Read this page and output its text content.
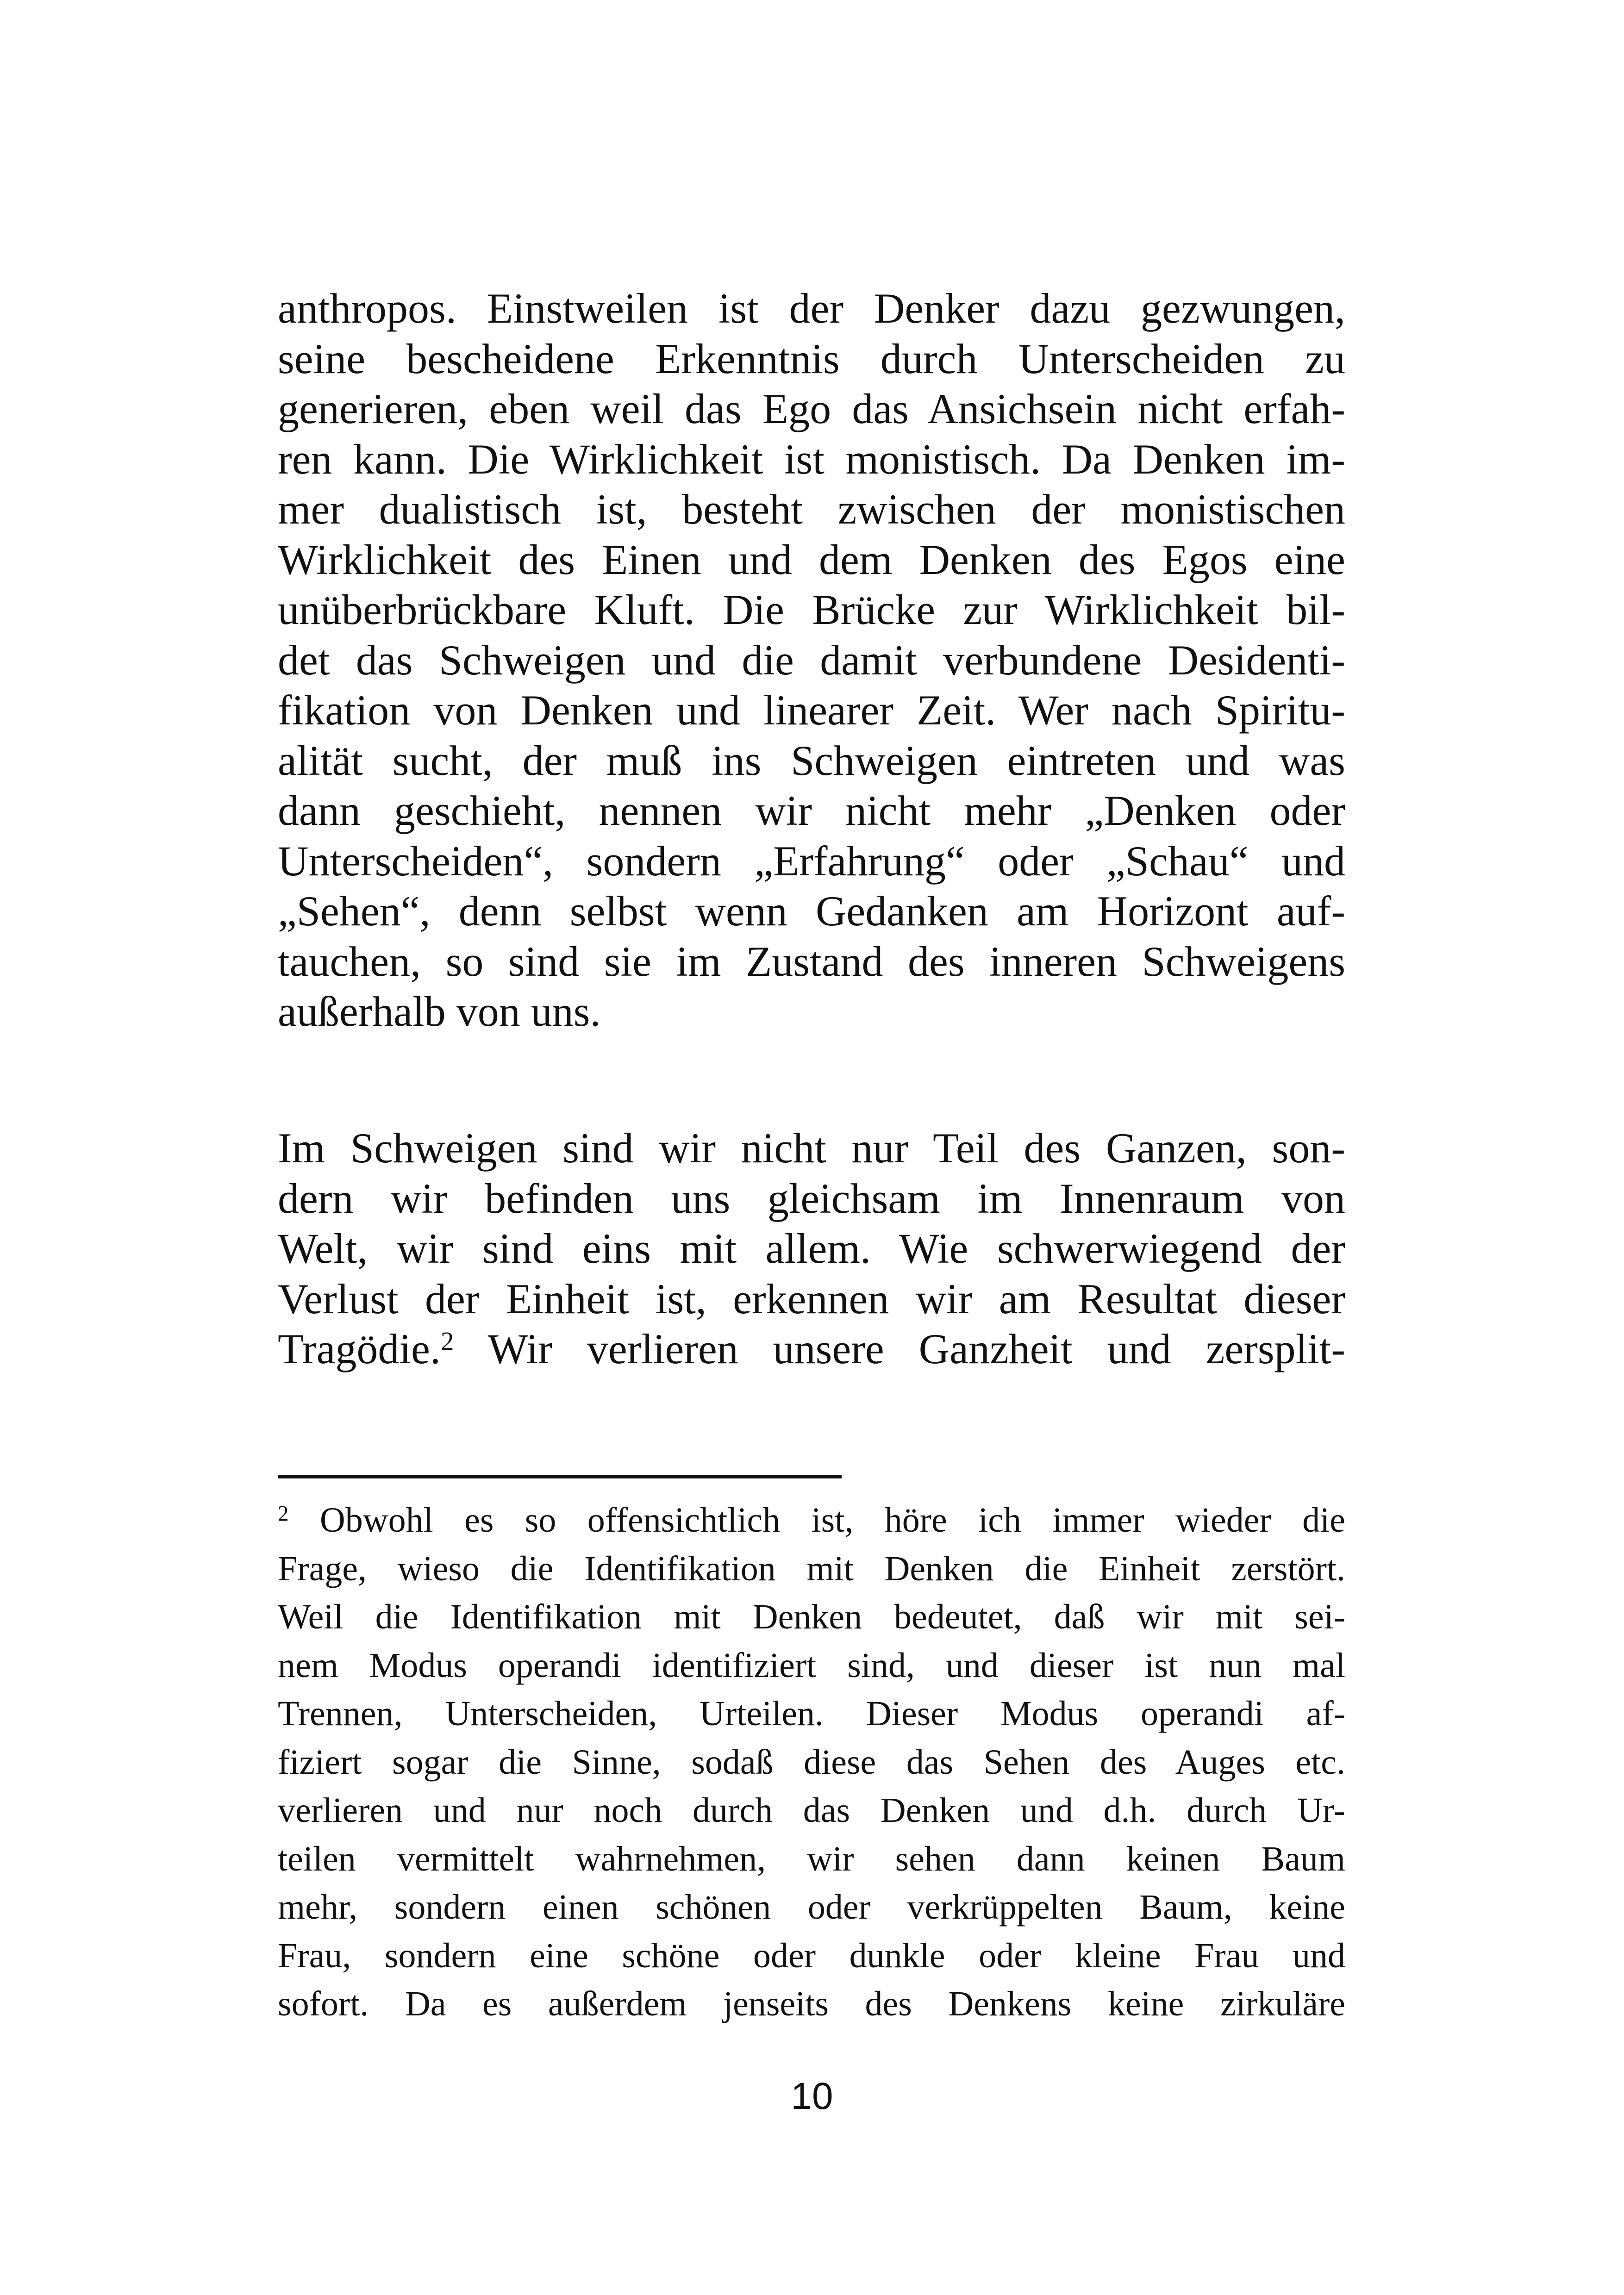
anthropos. Einstweilen ist der Denker dazu gezwungen,
seine bescheidene Erkenntnis durch Unterscheiden zu
generieren, eben weil das Ego das Ansichsein nicht erfah-
ren kann. Die Wirklichkeit ist monistisch. Da Denken im-
mer dualistisch ist, besteht zwischen der monistischen
Wirklichkeit des Einen und dem Denken des Egos eine
unüberbrückbare Kluft. Die Brücke zur Wirklichkeit bil-
det das Schweigen und die damit verbundene Desidenti-
fikation von Denken und linearer Zeit. Wer nach Spiritu-
alität sucht, der muß ins Schweigen eintreten und was
dann geschieht, nennen wir nicht mehr „Denken oder
Unterscheiden“, sondern „Erfahrung“ oder „Schau“ und
„Sehen“, denn selbst wenn Gedanken am Horizont auf-
tauchen, so sind sie im Zustand des inneren Schweigens
außerhalb von uns.
Im Schweigen sind wir nicht nur Teil des Ganzen, son-
dern wir befinden uns gleichsam im Innenraum von
Welt, wir sind eins mit allem. Wie schwerwiegend der
Verlust der Einheit ist, erkennen wir am Resultat dieser
Tragödie.$^2$ Wir verlieren unsere Ganzheit und zersplit-
$^2$ Obwohl es so offensichtlich ist, höre ich immer wieder die
Frage, wieso die Identifikation mit Denken die Einheit zerstört.
Weil die Identifikation mit Denken bedeutet, daß wir mit sei-
nem Modus operandi identifiziert sind, und dieser ist nun mal
Trennen, Unterscheiden, Urteilen. Dieser Modus operandi af-
fiziert sogar die Sinne, sodaß diese das Sehen des Auges etc.
verlieren und nur noch durch das Denken und d.h. durch Ur-
teilen vermittelt wahrnehmen, wir sehen dann keinen Baum
mehr, sondern einen schönen oder verkrüppelten Baum, keine
Frau, sondern eine schöne oder dunkle oder kleine Frau und
sofort. Da es außerdem jenseits des Denkens keine zirkuläre
10
